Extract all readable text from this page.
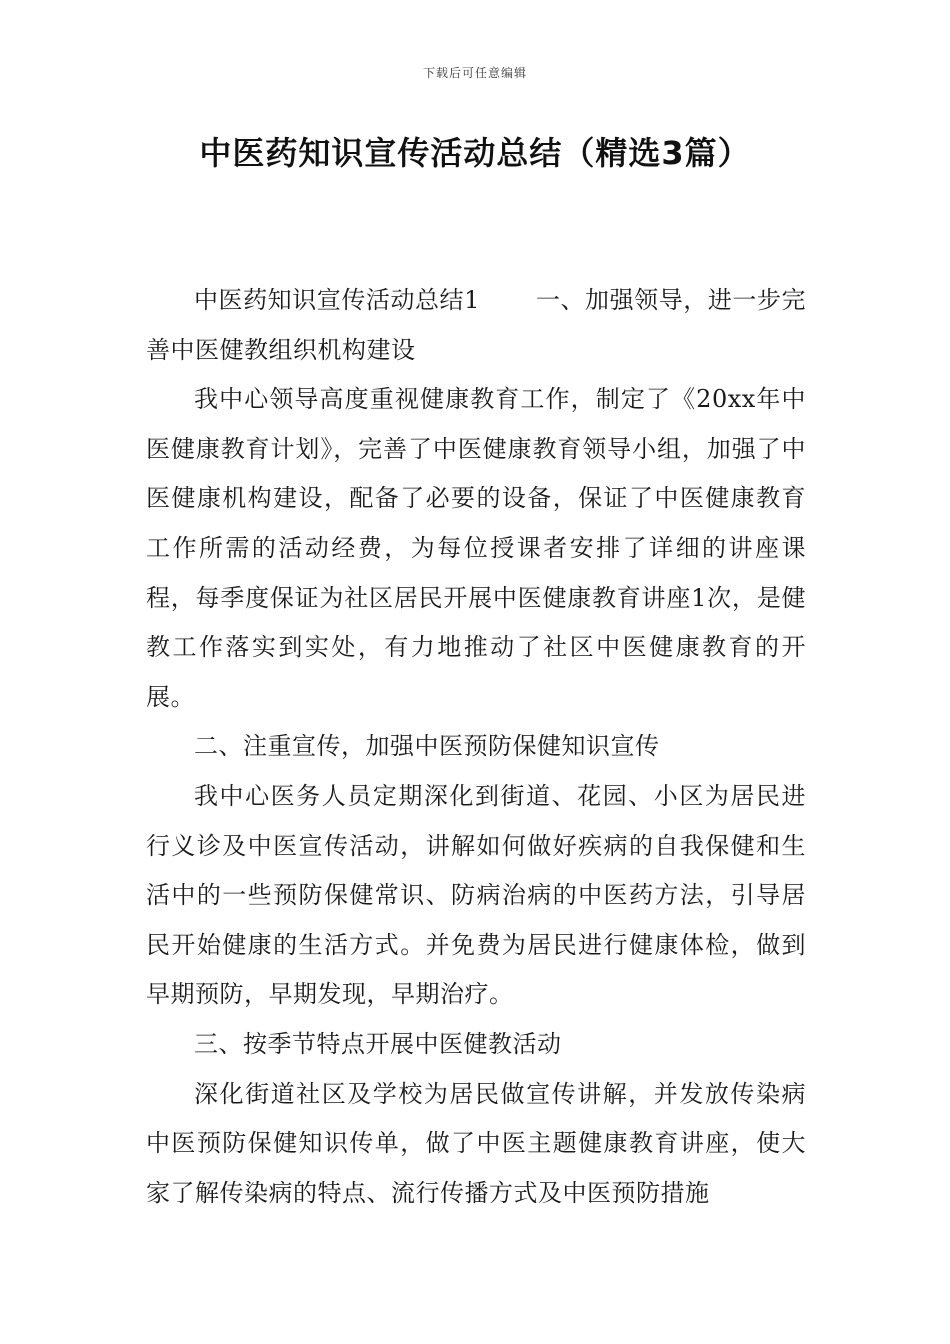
下载后可任意编辑
中医药知识宣传活动总结（精选3篇）

中医药知识宣传活动总结1 一、加强领导，进一步完善中医健教组织机构建设

我中心领导高度重视健康教育工作，制定了《20xx年中医健康教育计划》，完善了中医健康教育领导小组，加强了中医健康机构建设，配备了必要的设备，保证了中医健康教育工作所需的活动经费，为每位授课者安排了详细的讲座课程，每季度保证为社区居民开展中医健康教育讲座1次，是健教工作落实到实处，有力地推动了社区中医健康教育的开展。

二、注重宣传，加强中医预防保健知识宣传

我中心医务人员定期深化到街道、花园、小区为居民进行义诊及中医宣传活动，讲解如何做好疾病的自我保健和生活中的一些预防保健常识、防病治病的中医药方法，引导居民开始健康的生活方式。并免费为居民进行健康体检，做到早期预防，早期发现，早期治疗。

三、按季节特点开展中医健教活动

深化街道社区及学校为居民做宣传讲解，并发放传染病中医预防保健知识传单，做了中医主题健康教育讲座，使大家了解传染病的特点、流行传播方式及中医预防措施
